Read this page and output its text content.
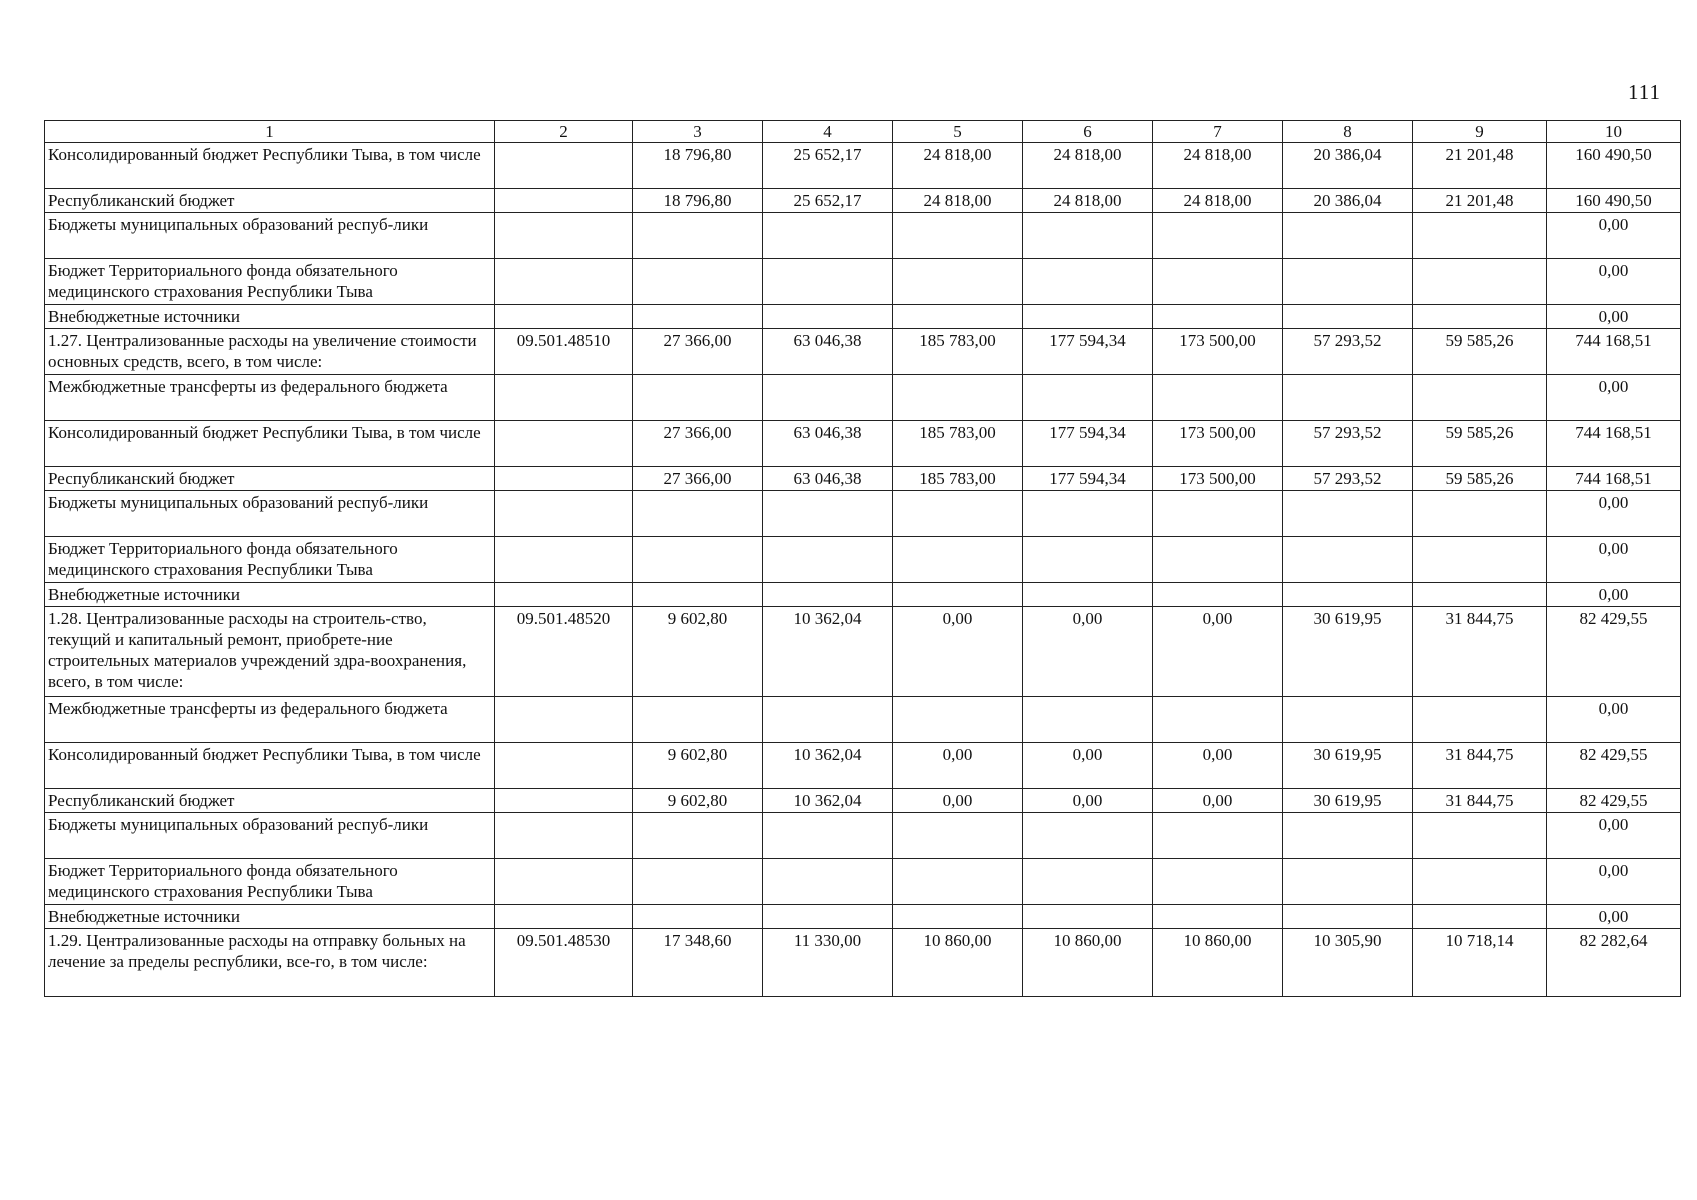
111
1	2	3	4	5	6	7	8	9	10
Консолидированный бюджет Республики Тыва, в том числе		18 796,80	25 652,17	24 818,00	24 818,00	24 818,00	20 386,04	21 201,48	160 490,50
Республиканский бюджет		18 796,80	25 652,17	24 818,00	24 818,00	24 818,00	20 386,04	21 201,48	160 490,50
Бюджеты муниципальных образований респуб-лики									0,00
Бюджет Территориального фонда обязательного медицинского страхования Республики Тыва									0,00
Внебюджетные источники									0,00
1.27. Централизованные расходы на увеличение стоимости основных средств, всего, в том числе:	09.501.48510	27 366,00	63 046,38	185 783,00	177 594,34	173 500,00	57 293,52	59 585,26	744 168,51
Межбюджетные трансферты из федерального бюджета									0,00
Консолидированный бюджет Республики Тыва, в том числе		27 366,00	63 046,38	185 783,00	177 594,34	173 500,00	57 293,52	59 585,26	744 168,51
Республиканский бюджет		27 366,00	63 046,38	185 783,00	177 594,34	173 500,00	57 293,52	59 585,26	744 168,51
Бюджеты муниципальных образований респуб-лики									0,00
Бюджет Территориального фонда обязательного медицинского страхования Республики Тыва									0,00
Внебюджетные источники									0,00
1.28. Централизованные расходы на строитель-ство, текущий и капитальный ремонт, приобрете-ние строительных материалов учреждений здра-воохранения, всего, в том числе:	09.501.48520	9 602,80	10 362,04	0,00	0,00	0,00	30 619,95	31 844,75	82 429,55
Межбюджетные трансферты из федерального бюджета									0,00
Консолидированный бюджет Республики Тыва, в том числе		9 602,80	10 362,04	0,00	0,00	0,00	30 619,95	31 844,75	82 429,55
Республиканский бюджет		9 602,80	10 362,04	0,00	0,00	0,00	30 619,95	31 844,75	82 429,55
Бюджеты муниципальных образований респуб-лики									0,00
Бюджет Территориального фонда обязательного медицинского страхования Республики Тыва									0,00
Внебюджетные источники									0,00
1.29. Централизованные расходы на отправку больных на лечение за пределы республики, все-го, в том числе:	09.501.48530	17 348,60	11 330,00	10 860,00	10 860,00	10 860,00	10 305,90	10 718,14	82 282,64
